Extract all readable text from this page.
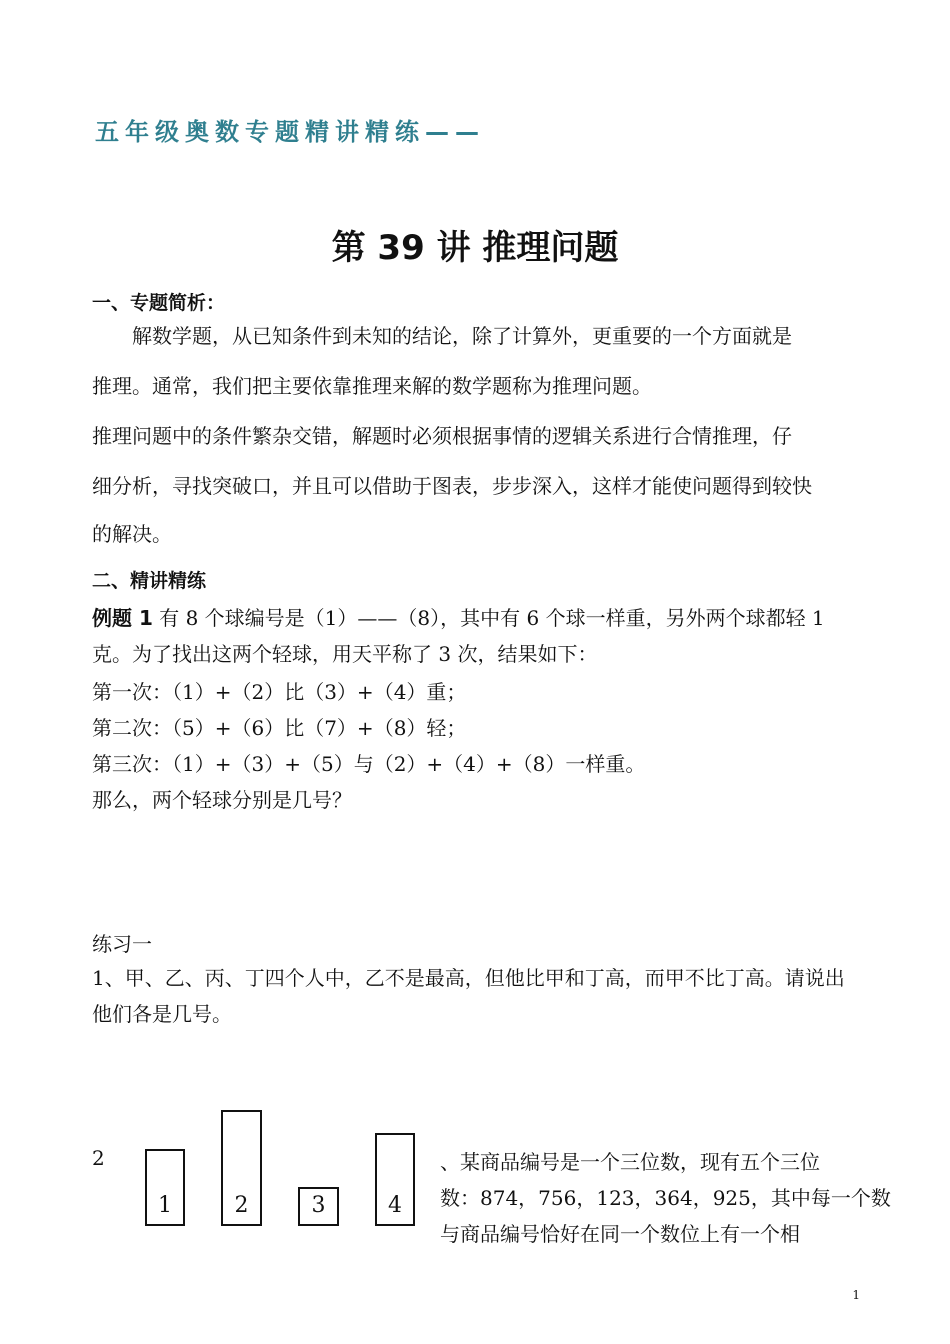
五年级奥数专题精讲精练——
第 39 讲 推理问题
一、专题简析：
解数学题，从已知条件到未知的结论，除了计算外，更重要的一个方面就是
推理。通常，我们把主要依靠推理来解的数学题称为推理问题。
推理问题中的条件繁杂交错，解题时必须根据事情的逻辑关系进行合情推理，仔
细分析，寻找突破口，并且可以借助于图表，步步深入，这样才能使问题得到较快
的解决。
二、精讲精练
例题 1 有 8 个球编号是（1）——（8），其中有 6 个球一样重，另外两个球都轻 1
克。为了找出这两个轻球，用天平称了 3 次，结果如下：
第一次：（1）+（2）比（3）+（4）重；
第二次：（5）+（6）比（7）+（8）轻；
第三次：（1）+（3）+（5）与（2）+（4）+（8）一样重。
那么，两个轻球分别是几号？
练习一
1、甲、乙、丙、丁四个人中，乙不是最高，但他比甲和丁高，而甲不比丁高。请说出
他们各是几号。
2
1	2	3	4
、某商品编号是一个三位数，现有五个三位
数：874，756，123，364，925，其中每一个数
与商品编号恰好在同一个数位上有一个相
1
